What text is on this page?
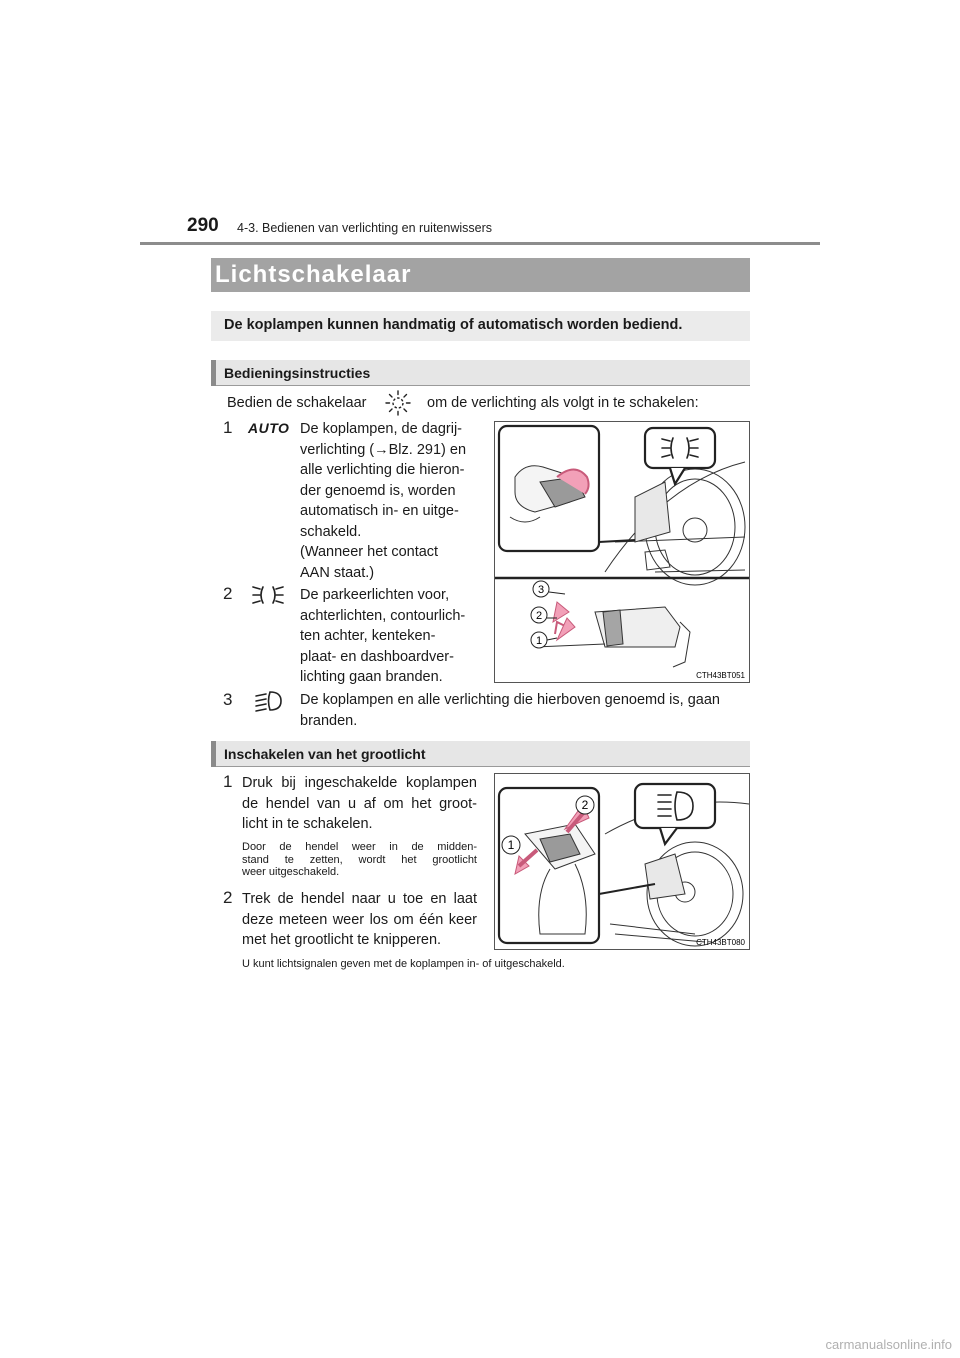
290 4-3. Bedienen van verlichting en ruitenwissers
Lichtschakelaar
De koplampen kunnen handmatig of automatisch worden bediend.
Bedieningsinstructies
Bedien de schakelaar	om de verlichting als volgt in te schakelen:
1 AUTO De koplampen, de dagrij-
verlichting (→Blz. 291) en
alle verlichting die hieron-
der genoemd is, worden
automatisch in- en uitge-
schakeld.
(Wanneer het contact
AAN staat.)
2	De parkeerlichten voor,
achterlichten, contourlich-
ten achter, kenteken-
plaat- en dashboardver-
lichting gaan branden.
3
2
1
CTH43BT051
3	De koplampen en alle verlichting die hierboven genoemd is, gaan
branden.
Inschakelen van het grootlicht
1 Druk bij ingeschakelde koplampen
de hendel van u af om het groot-
licht in te schakelen.
Door de hendel weer in de midden-
stand te zetten, wordt het grootlicht
weer uitgeschakeld.
2 Trek de hendel naar u toe en laat
deze meteen weer los om één keer
met het grootlicht te knipperen.
U kunt lichtsignalen geven met de koplampen in- of uitgeschakeld.
2
1
CTH43BT080
carmanualsonline.info
